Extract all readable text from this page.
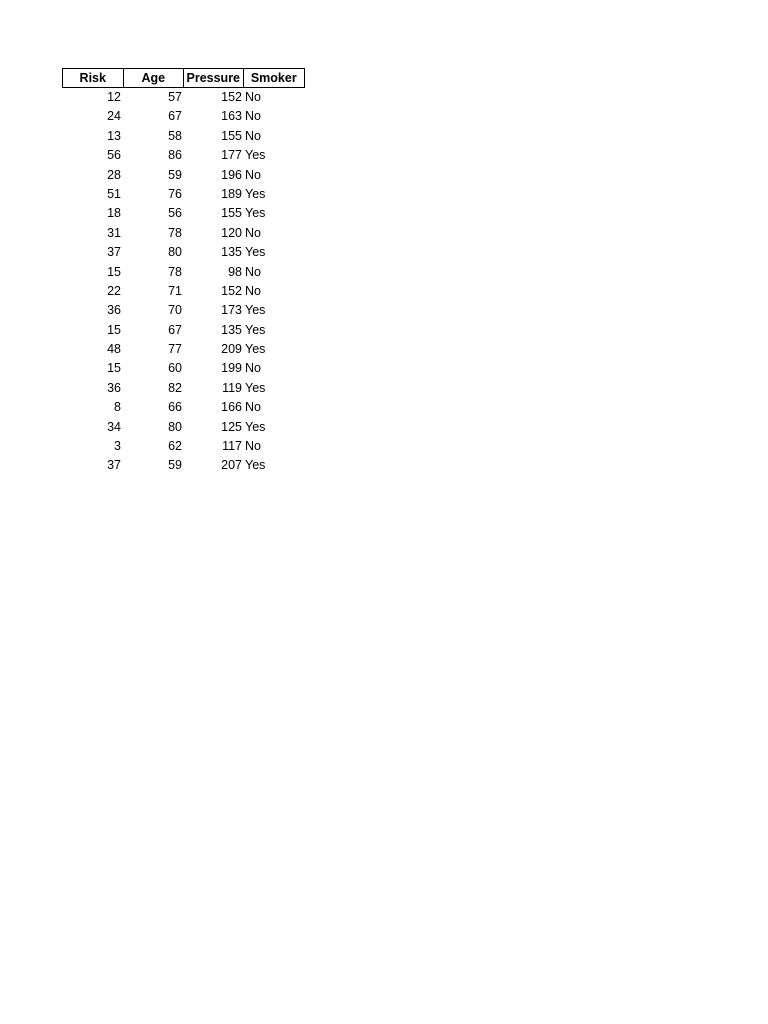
Risk	Age	Pressure Smoker
12	57	152 No
24	67	163 No
13	58	155 No
56	86	177 Yes
28	59	196 No
51	76	189 Yes
18	56	155 Yes
31	78	120 No
37	80	135 Yes
15	78	98 No
22	71	152 No
36	70	173 Yes
15	67	135 Yes
48	77	209 Yes
15	60	199 No
36	82	119 Yes
8	66	166 No
34	80	125 Yes
3	62	117 No
37	59	207 Yes
